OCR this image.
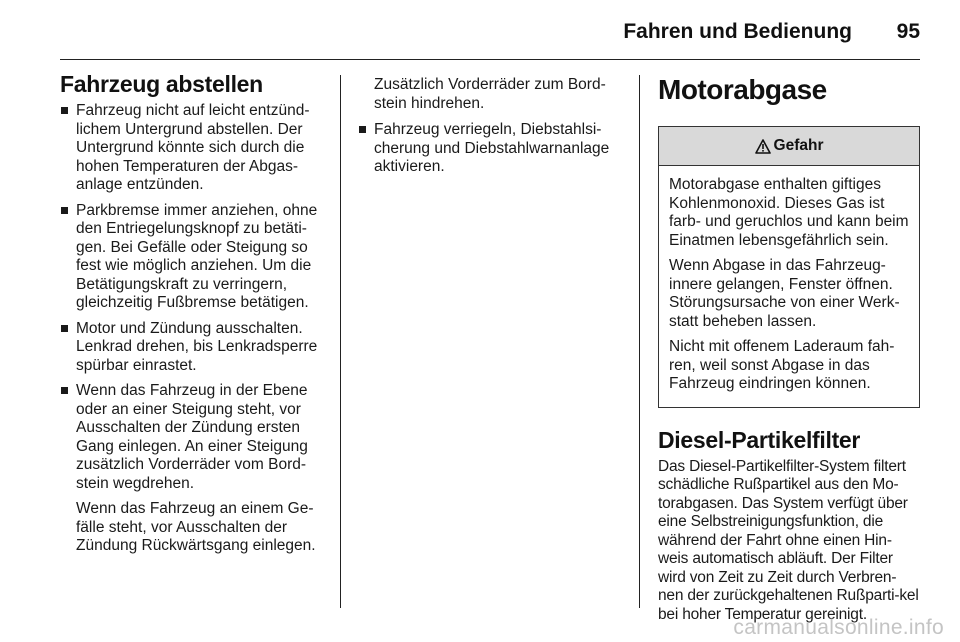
Fahren und Bedienung 95
Fahrzeug abstellen

Fahrzeug nicht auf leicht entzünd-lichem Untergrund abstellen. Der Untergrund könnte sich durch die hohen Temperaturen der Abgas-anlage entzünden.

Parkbremse immer anziehen, ohne den Entriegelungsknopf zu betäti-gen. Bei Gefälle oder Steigung so fest wie möglich anziehen. Um die Betätigungskraft zu verringern, gleichzeitig Fußbremse betätigen.

Motor und Zündung ausschalten. Lenkrad drehen, bis Lenkradsperre spürbar einrastet.

Wenn das Fahrzeug in der Ebene oder an einer Steigung steht, vor Ausschalten der Zündung ersten Gang einlegen. An einer Steigung zusätzlich Vorderräder vom Bord-stein wegdrehen.

Wenn das Fahrzeug an einem Ge-fälle steht, vor Ausschalten der Zündung Rückwärtsgang einlegen.

Zusätzlich Vorderräder zum Bord-stein hindrehen.

Fahrzeug verriegeln, Diebstahlsi-cherung und Diebstahlwarnanlage aktivieren.

Motorabgase
Gefahr

Motorabgase enthalten giftiges Kohlenmonoxid. Dieses Gas ist farb- und geruchlos und kann beim Einatmen lebensgefährlich sein.

Wenn Abgase in das Fahrzeug-innere gelangen, Fenster öffnen. Störungsursache von einer Werk-statt beheben lassen.

Nicht mit offenem Laderaum fah-ren, weil sonst Abgase in das Fahrzeug eindringen können.

Diesel-Partikelfilter

Das Diesel-Partikelfilter-System filtert schädliche Rußpartikel aus den Mo-torabgasen. Das System verfügt über eine Selbstreinigungsfunktion, die während der Fahrt ohne einen Hin-weis automatisch abläuft. Der Filter wird von Zeit zu Zeit durch Verbren-nen der zurückgehaltenen Rußparti-kel bei hoher Temperatur gereinigt.

carmanualsonline.info
